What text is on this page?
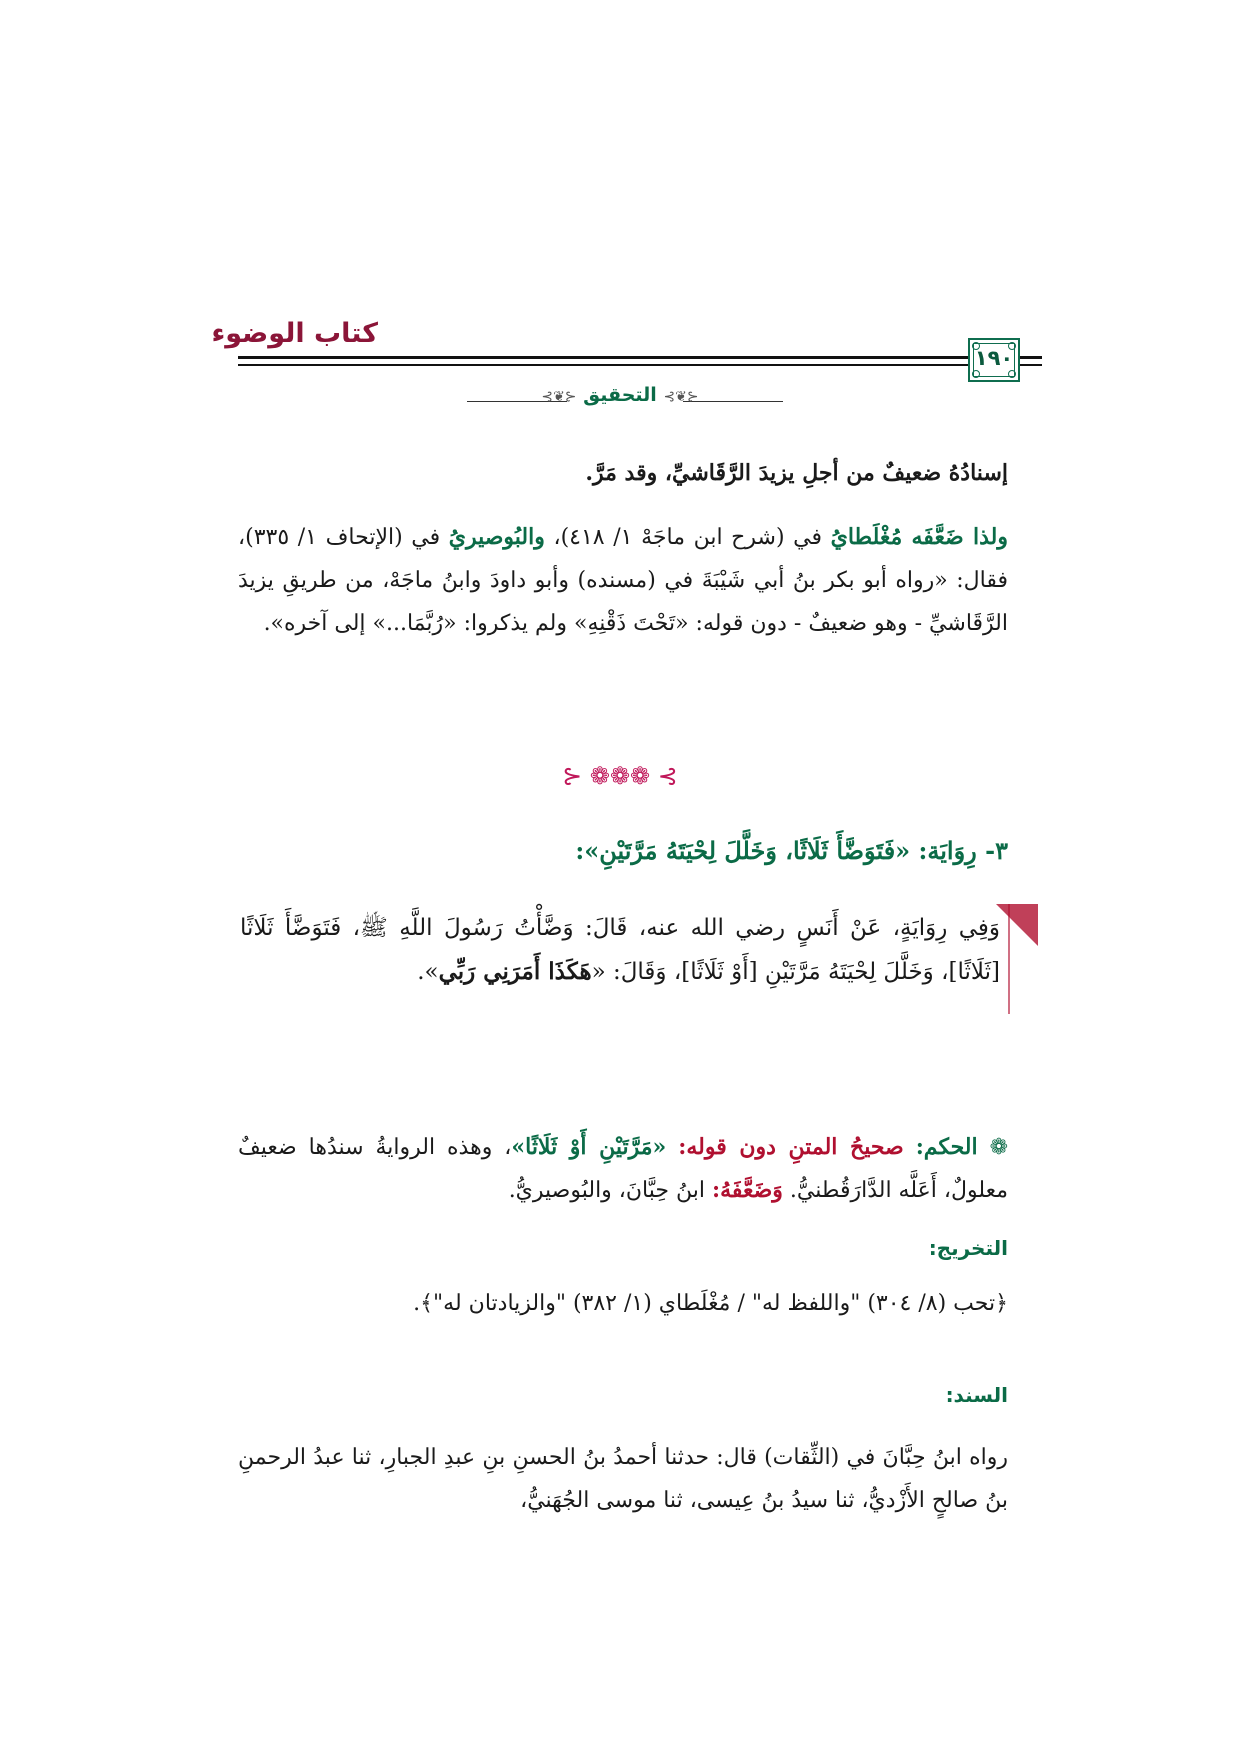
كتاب الوضوء
١٩٠
⊰❦⊱ التحقيق ⊰❦⊱
إسنادُهُ ضعيفٌ من أجلِ يزيدَ الرَّقَاشيِّ، وقد مَرَّ.
ولذا ضَعَّفَه مُغْلَطايُ في (شرح ابن ماجَهْ ١/ ٤١٨)، والبُوصيريُ في (الإتحاف ١/ ٣٣٥)، فقال: «رواه أبو بكر بنُ أبي شَيْبَةَ في (مسنده) وأبو داودَ وابنُ ماجَهْ، من طريقِ يزيدَ الرَّقَاشيِّ - وهو ضعيفٌ - دون قوله: «تَحْتَ ذَقْنِهِ» ولم يذكروا: «رُبَّمَا...» إلى آخره».
⊱ ❁❁❁ ⊰
٣- رِوَايَة: «فَتَوَضَّأَ ثَلَاثًا، وَخَلَّلَ لِحْيَتَهُ مَرَّتَيْنِ»:
وَفِي رِوَايَةٍ، عَنْ أَنَسٍ رضي الله عنه، قَالَ: وَضَّأْتُ رَسُولَ اللَّهِ ﷺ، فَتَوَضَّأَ ثَلَاثًا [ثَلَاثًا]، وَخَلَّلَ لِحْيَتَهُ مَرَّتَيْنِ [أَوْ ثَلَاثًا]، وَقَالَ: «هَكَذَا أَمَرَنِي رَبِّي».
❁ الحكم: صحيحُ المتنِ دون قوله: «مَرَّتَيْنِ أَوْ ثَلَاثًا»، وهذه الروايةُ سندُها ضعيفٌ معلولٌ، أَعَلَّه الدَّارَقُطنيُّ. وَضَعَّفَهُ: ابنُ حِبَّانَ، والبُوصيريُّ.
التخريج:
﴿تحب (٨/ ٣٠٤) "واللفظ له" / مُغْلَطاي (١/ ٣٨٢) "والزيادتان له"﴾.
السند:
رواه ابنُ حِبَّانَ في (الثِّقات) قال: حدثنا أحمدُ بنُ الحسنِ بنِ عبدِ الجبارِ، ثنا عبدُ الرحمنِ بنُ صالحٍ الأَزْديُّ، ثنا سيدُ بنُ عِيسى، ثنا موسى الجُهَنيُّ،
